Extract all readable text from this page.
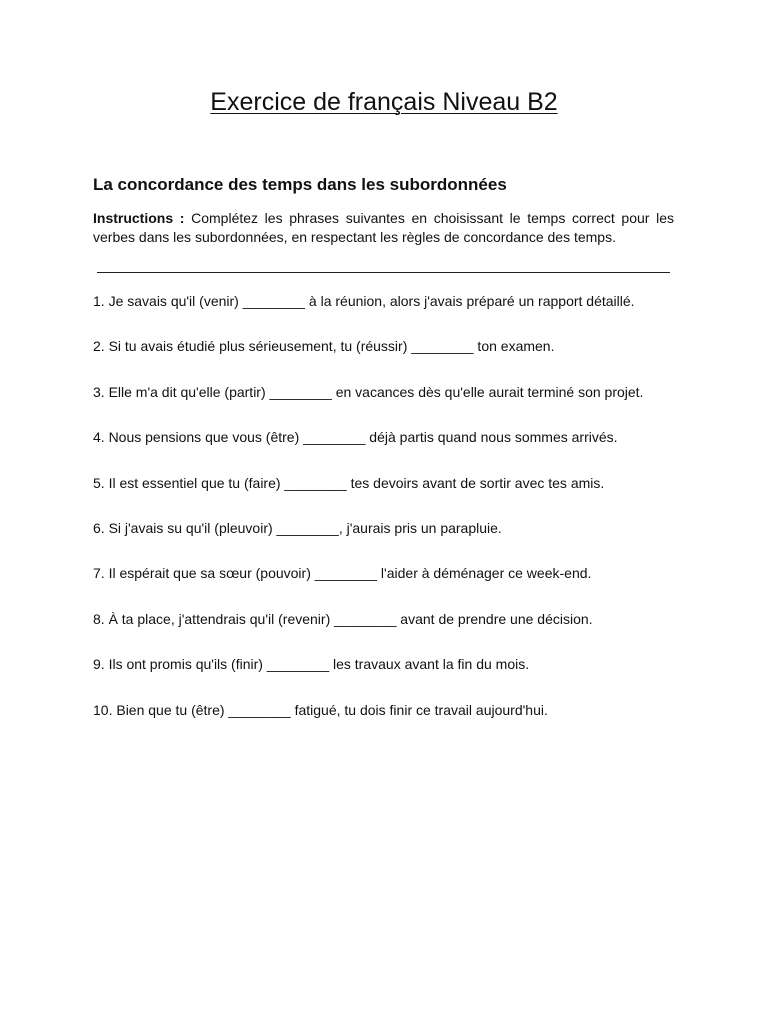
Exercice de français Niveau B2
La concordance des temps dans les subordonnées

Instructions : Complétez les phrases suivantes en choisissant le temps correct pour les verbes dans les subordonnées, en respectant les règles de concordance des temps.

1. Je savais qu'il (venir) ________ à la réunion, alors j'avais préparé un rapport détaillé.
2. Si tu avais étudié plus sérieusement, tu (réussir) ________ ton examen.
3. Elle m'a dit qu'elle (partir) ________ en vacances dès qu'elle aurait terminé son projet.
4. Nous pensions que vous (être) ________ déjà partis quand nous sommes arrivés.
5. Il est essentiel que tu (faire) ________ tes devoirs avant de sortir avec tes amis.
6. Si j'avais su qu'il (pleuvoir) ________, j'aurais pris un parapluie.
7. Il espérait que sa sœur (pouvoir) ________ l'aider à déménager ce week-end.
8. À ta place, j'attendrais qu'il (revenir) ________ avant de prendre une décision.
9. Ils ont promis qu'ils (finir) ________ les travaux avant la fin du mois.
10. Bien que tu (être) ________ fatigué, tu dois finir ce travail aujourd'hui.
